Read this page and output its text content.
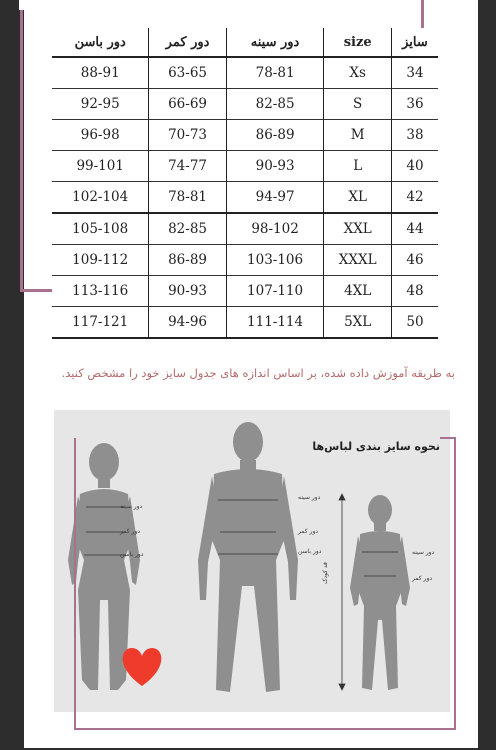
دور باسن	دور کمر	دور سینه	size	سایز
88-91	63-65	78-81	Xs	34
92-95	66-69	82-85	S	36
96-98	70-73	86-89	M	38
99-101	74-77	90-93	L	40
102-104	78-81	94-97	XL	42
105-108	82-85	98-102	XXL	44
109-112	86-89	103-106	XXXL	46
113-116	90-93	107-110	4XL	48
117-121	94-96	111-114	5XL	50
به طریقه آموزش داده شده، بر اساس اندازه های جدول سایز خود را مشخص کنید.
نحوه سایز بندی لباس‌ها
دور سینه
دور کمر
دور باسن
دور سینه
دور کمر
دور باسن	دور سینه
دور کمر
قد کودک
